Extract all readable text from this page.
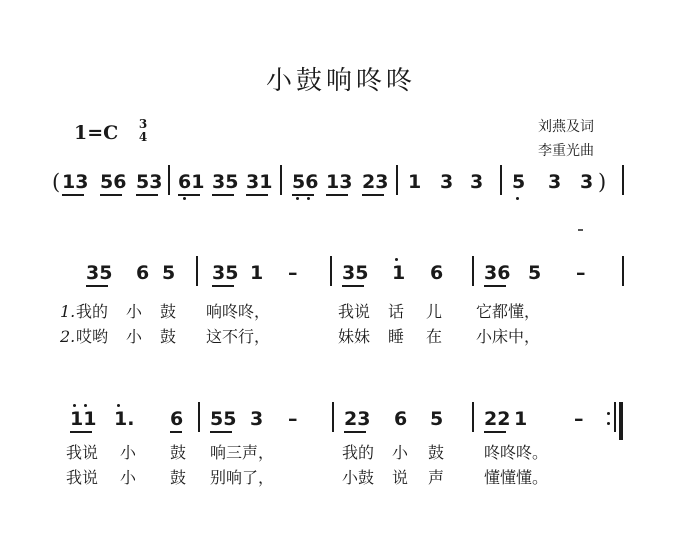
小鼓响咚咚
1=C 3
4
刘燕及词
李重光曲
( 13 56 53 61 35 31 56 13 23 1 3 3 5 3 3 )
35 6 5 35 1 – 35 1 6 36 5 –
1. 我的 小 鼓 响咚咚，	我说 话 儿 它都懂，
2. 哎哟 小 鼓 这不行，	妹妹 睡 在 小床中，
11 1. 6 55 3 – 23 6 5 22 1 –
我说 小 鼓 响三声，	我的 小 鼓 咚咚咚。
我说 小 鼓 别响了，	小鼓 说 声 懂懂懂。
